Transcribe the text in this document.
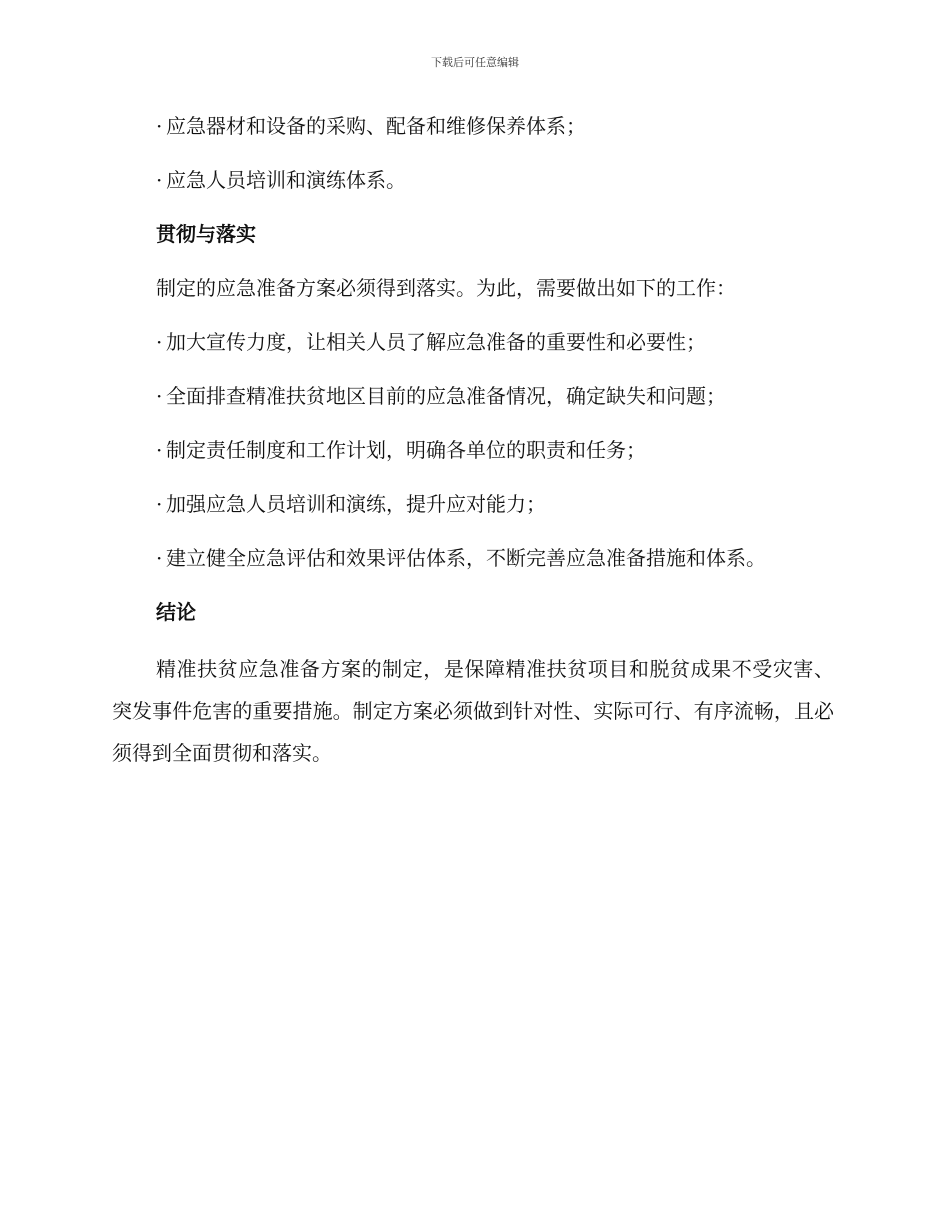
下载后可任意编辑

· 应急器材和设备的采购、配备和维修保养体系；

· 应急人员培训和演练体系。

贯彻与落实

制定的应急准备方案必须得到落实。为此，需要做出如下的工作：

· 加大宣传力度，让相关人员了解应急准备的重要性和必要性；

· 全面排查精准扶贫地区目前的应急准备情况，确定缺失和问题；

· 制定责任制度和工作计划，明确各单位的职责和任务；

· 加强应急人员培训和演练，提升应对能力；

· 建立健全应急评估和效果评估体系，不断完善应急准备措施和体系。

结论

精准扶贫应急准备方案的制定，是保障精准扶贫项目和脱贫成果不受灾害、突发事件危害的重要措施。制定方案必须做到针对性、实际可行、有序流畅，且必须得到全面贯彻和落实。
